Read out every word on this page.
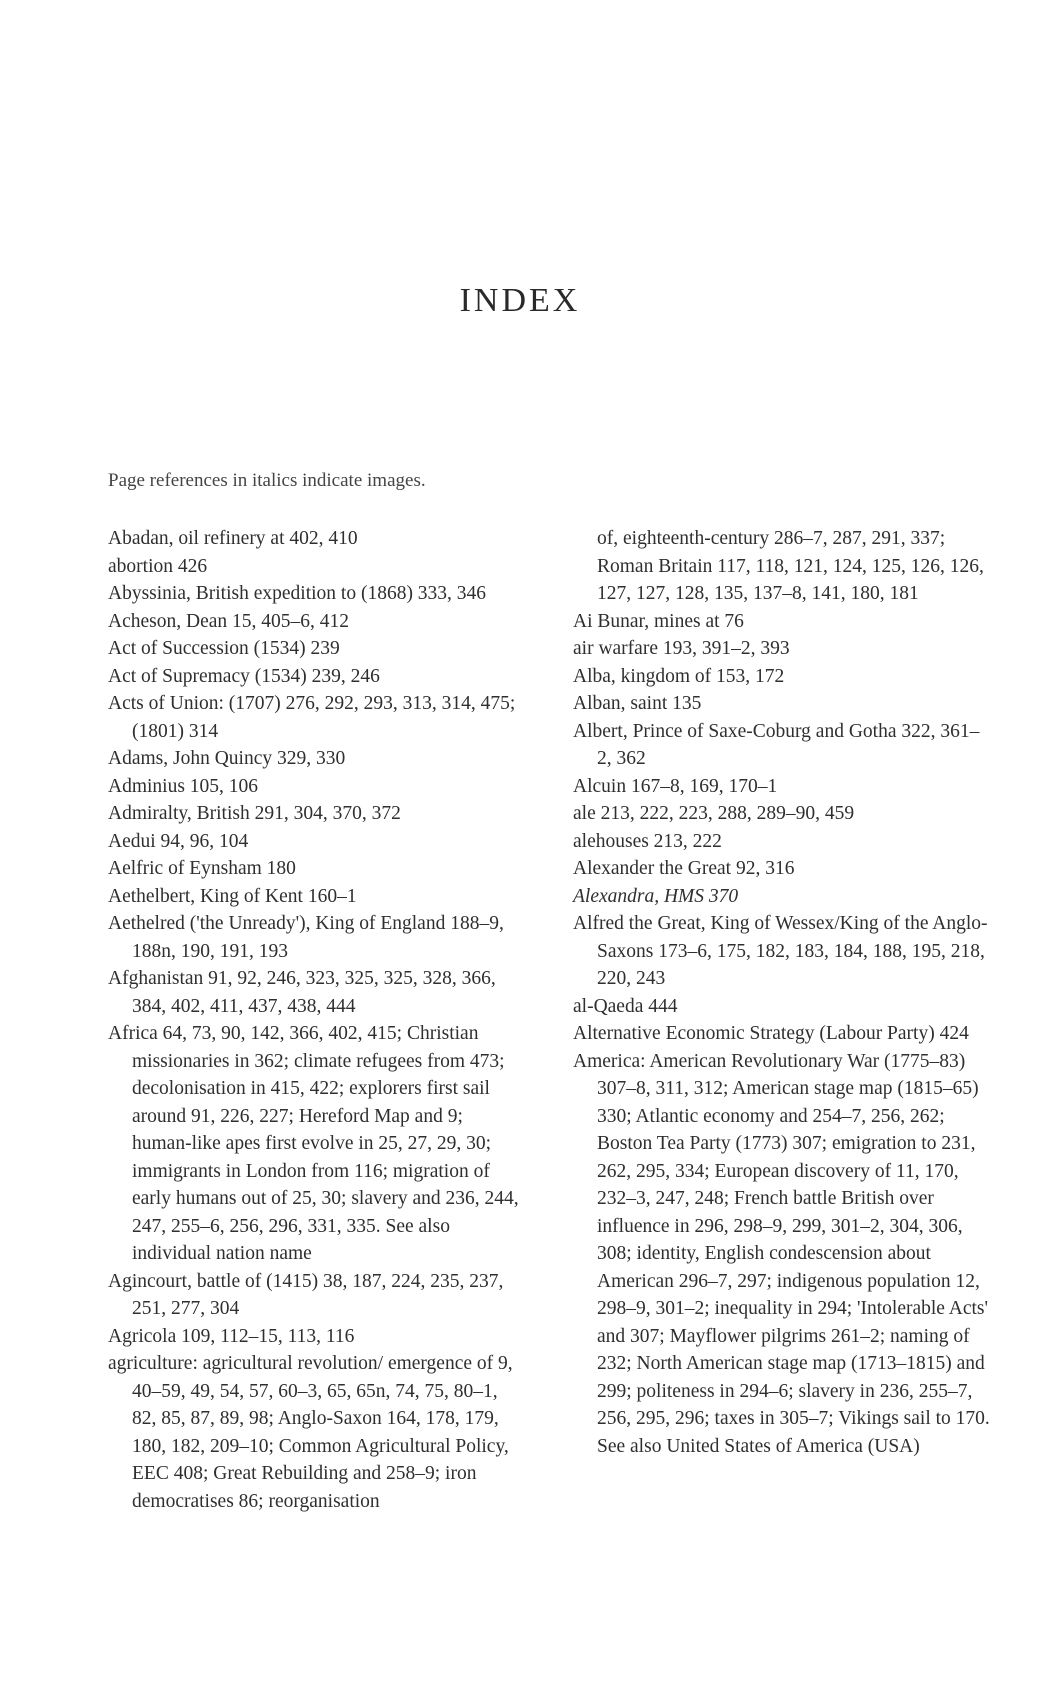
INDEX
Page references in italics indicate images.
Abadan, oil refinery at 402, 410
abortion 426
Abyssinia, British expedition to (1868) 333, 346
Acheson, Dean 15, 405–6, 412
Act of Succession (1534) 239
Act of Supremacy (1534) 239, 246
Acts of Union: (1707) 276, 292, 293, 313, 314, 475; (1801) 314
Adams, John Quincy 329, 330
Adminius 105, 106
Admiralty, British 291, 304, 370, 372
Aedui 94, 96, 104
Aelfric of Eynsham 180
Aethelbert, King of Kent 160–1
Aethelred ('the Unready'), King of England 188–9, 188n, 190, 191, 193
Afghanistan 91, 92, 246, 323, 325, 325, 328, 366, 384, 402, 411, 437, 438, 444
Africa 64, 73, 90, 142, 366, 402, 415; Christian missionaries in 362; climate refugees from 473; decolonisation in 415, 422; explorers first sail around 91, 226, 227; Hereford Map and 9; human-like apes first evolve in 25, 27, 29, 30; immigrants in London from 116; migration of early humans out of 25, 30; slavery and 236, 244, 247, 255–6, 256, 296, 331, 335. See also individual nation name
Agincourt, battle of (1415) 38, 187, 224, 235, 237, 251, 277, 304
Agricola 109, 112–15, 113, 116
agriculture: agricultural revolution/ emergence of 9, 40–59, 49, 54, 57, 60–3, 65, 65n, 74, 75, 80–1, 82, 85, 87, 89, 98; Anglo-Saxon 164, 178, 179, 180, 182, 209–10; Common Agricultural Policy, EEC 408; Great Rebuilding and 258–9; iron democratises 86; reorganisation
of, eighteenth-century 286–7, 287, 291, 337; Roman Britain 117, 118, 121, 124, 125, 126, 126, 127, 127, 128, 135, 137–8, 141, 180, 181
Ai Bunar, mines at 76
air warfare 193, 391–2, 393
Alba, kingdom of 153, 172
Alban, saint 135
Albert, Prince of Saxe-Coburg and Gotha 322, 361–2, 362
Alcuin 167–8, 169, 170–1
ale 213, 222, 223, 288, 289–90, 459
alehouses 213, 222
Alexander the Great 92, 316
Alexandra, HMS 370
Alfred the Great, King of Wessex/King of the Anglo-Saxons 173–6, 175, 182, 183, 184, 188, 195, 218, 220, 243
al-Qaeda 444
Alternative Economic Strategy (Labour Party) 424
America: American Revolutionary War (1775–83) 307–8, 311, 312; American stage map (1815–65) 330; Atlantic economy and 254–7, 256, 262; Boston Tea Party (1773) 307; emigration to 231, 262, 295, 334; European discovery of 11, 170, 232–3, 247, 248; French battle British over influence in 296, 298–9, 299, 301–2, 304, 306, 308; identity, English condescension about American 296–7, 297; indigenous population 12, 298–9, 301–2; inequality in 294; 'Intolerable Acts' and 307; Mayflower pilgrims 261–2; naming of 232; North American stage map (1713–1815) and 299; politeness in 294–6; slavery in 236, 255–7, 256, 295, 296; taxes in 305–7; Vikings sail to 170. See also United States of America (USA)
